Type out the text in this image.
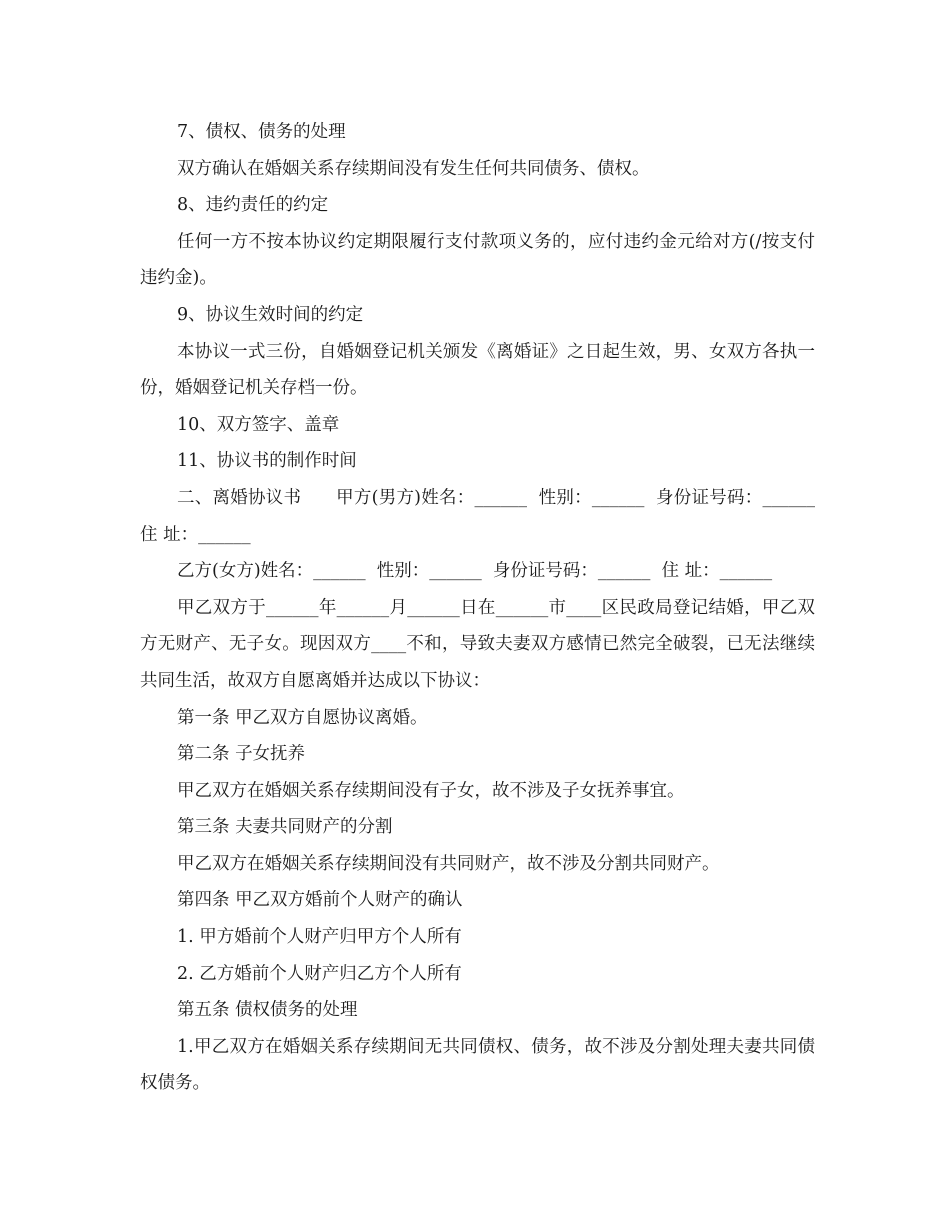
7、债权、债务的处理

双方确认在婚姻关系存续期间没有发生任何共同债务、债权。

8、违约责任的约定

任何一方不按本协议约定期限履行支付款项义务的，应付违约金元给对方(/按支付违约金)。

9、协议生效时间的约定

本协议一式三份，自婚姻登记机关颁发《离婚证》之日起生效，男、女双方各执一份，婚姻登记机关存档一份。

10、双方签字、盖章

11、协议书的制作时间

二、离婚协议书      甲方(男方)姓名：______  性别：______  身份证号码：______  住 址：______

乙方(女方)姓名：______  性别：______  身份证号码：______  住 址：______

甲乙双方于______年______月______日在______市____区民政局登记结婚，甲乙双方无财产、无子女。现因双方____不和，导致夫妻双方感情已然完全破裂，已无法继续共同生活，故双方自愿离婚并达成以下协议：

第一条 甲乙双方自愿协议离婚。

第二条 子女抚养

甲乙双方在婚姻关系存续期间没有子女，故不涉及子女抚养事宜。

第三条 夫妻共同财产的分割

甲乙双方在婚姻关系存续期间没有共同财产，故不涉及分割共同财产。

第四条 甲乙双方婚前个人财产的确认

1. 甲方婚前个人财产归甲方个人所有

2. 乙方婚前个人财产归乙方个人所有

第五条 债权债务的处理

1.甲乙双方在婚姻关系存续期间无共同债权、债务，故不涉及分割处理夫妻共同债权债务。
